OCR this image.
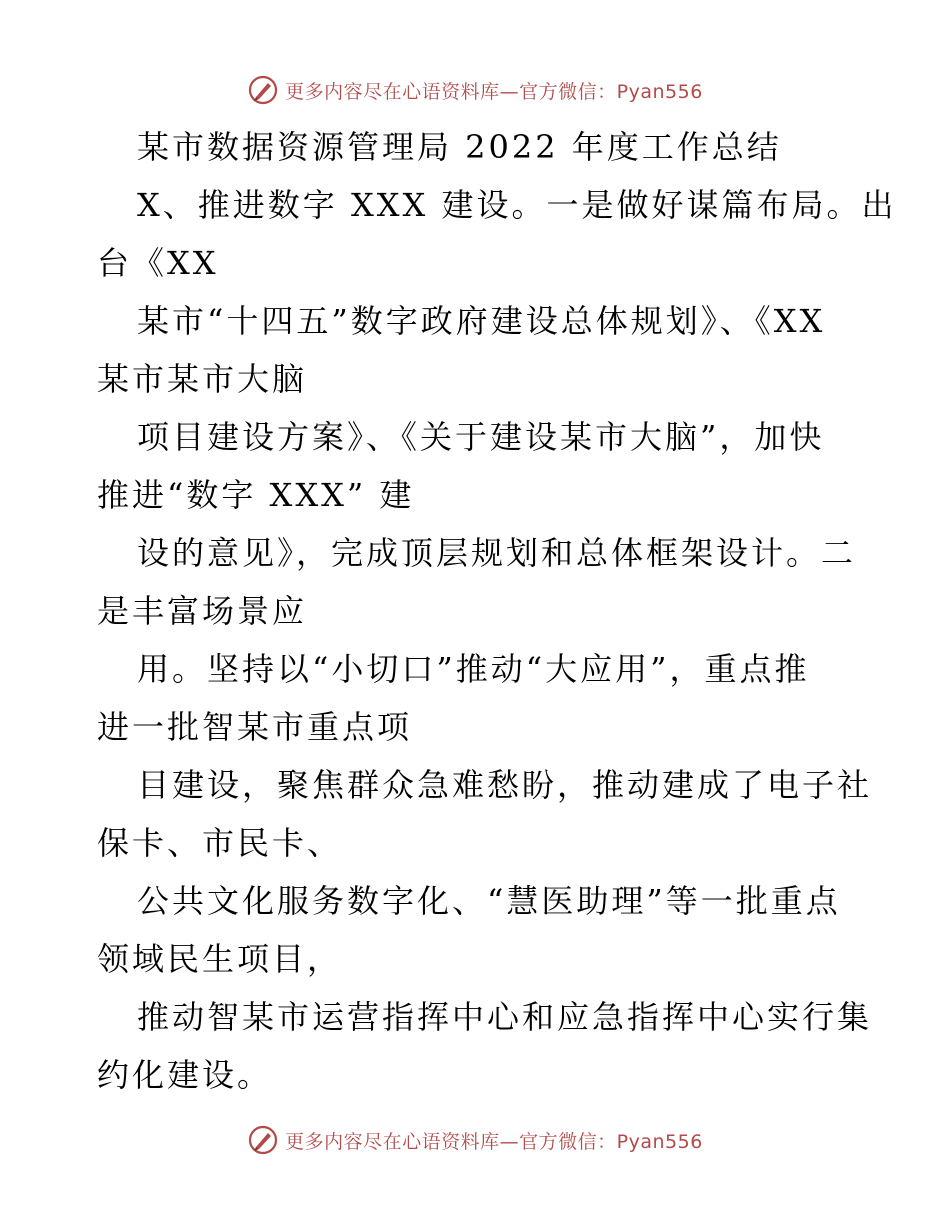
更多内容尽在心语资料库—官方微信：Pyan556
某市数据资源管理局 2022 年度工作总结
X、推进数字 XXX 建设。一是做好谋篇布局。出
台《XX
某市“十四五”数字政府建设总体规划》、《XX
某市某市大脑
项目建设方案》、《关于建设某市大脑”，加快
推进“数字 XXX” 建
设的意见》，完成顶层规划和总体框架设计。二
是丰富场景应
用。坚持以“小切口”推动“大应用”，重点推
进一批智某市重点项
目建设，聚焦群众急难愁盼，推动建成了电子社
保卡、市民卡、
公共文化服务数字化、“慧医助理”等一批重点
领域民生项目，
推动智某市运营指挥中心和应急指挥中心实行集
约化建设。
更多内容尽在心语资料库—官方微信：Pyan556
